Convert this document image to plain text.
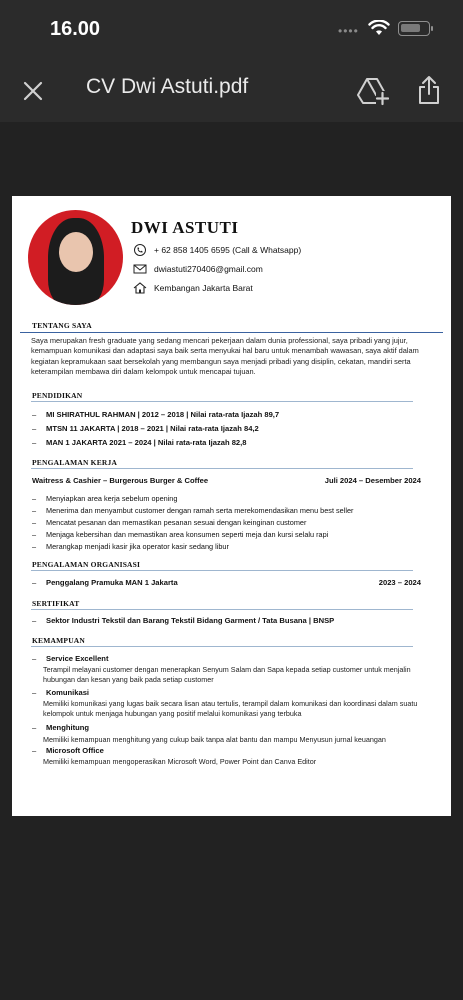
16.00	••••
CV Dwi Astuti.pdf
DWI ASTUTI
+ 62 858 1405 6595 (Call & Whatsapp)
dwiastuti270406@gmail.com
Kembangan Jakarta Barat
TENTANG SAYA
Saya merupakan fresh graduate yang sedang mencari pekerjaan dalam dunia professional, saya pribadi yang jujur, kemampuan komunikasi dan adaptasi saya baik serta menyukai hal baru untuk menambah wawasan, saya aktif dalam kegiatan kepramukaan saat bersekolah yang membangun saya menjadi pribadi yang disiplin, cekatan, mandiri serta keterampilan membawa diri dalam kelompok untuk mencapai tujuan.
PENDIDIKAN
–	MI SHIRATHUL RAHMAN | 2012 – 2018 | Nilai rata-rata Ijazah 89,7
–	MTSN 11 JAKARTA | 2018 – 2021 | Nilai rata-rata Ijazah 84,2
–	MAN 1 JAKARTA 2021 – 2024 | Nilai rata-rata Ijazah 82,8
PENGALAMAN KERJA
Waitress & Cashier – Burgerous Burger & Coffee	Juli 2024 – Desember 2024
–	Menyiapkan area kerja sebelum opening
–	Menerima dan menyambut customer dengan ramah serta merekomendasikan menu best seller
–	Mencatat pesanan dan memastikan pesanan sesuai dengan keinginan customer
–	Menjaga kebersihan dan memastikan area konsumen seperti meja dan kursi selalu rapi
–	Merangkap menjadi kasir jika operator kasir sedang libur
PENGALAMAN ORGANISASI
–	Penggalang Pramuka MAN 1 Jakarta	2023 – 2024
SERTIFIKAT
–	Sektor Industri Tekstil dan Barang Tekstil Bidang Garment / Tata Busana | BNSP
KEMAMPUAN
–	Service Excellent
Terampil melayani customer dengan menerapkan Senyum Salam dan Sapa kepada setiap customer untuk menjalin hubungan dan kesan yang baik pada setiap customer
–	Komunikasi
Memiliki komunikasi yang lugas baik secara lisan atau tertulis, terampil dalam komunikasi dan koordinasi dalam suatu kelompok untuk menjaga hubungan yang positif melalui komunikasi yang terbuka
–	Menghitung
Memiliki kemampuan menghitung yang cukup baik tanpa alat bantu dan mampu Menyusun jurnal keuangan
–	Microsoft Office
Memiliki kemampuan mengoperasikan Microsoft Word, Power Point dan Canva Editor
